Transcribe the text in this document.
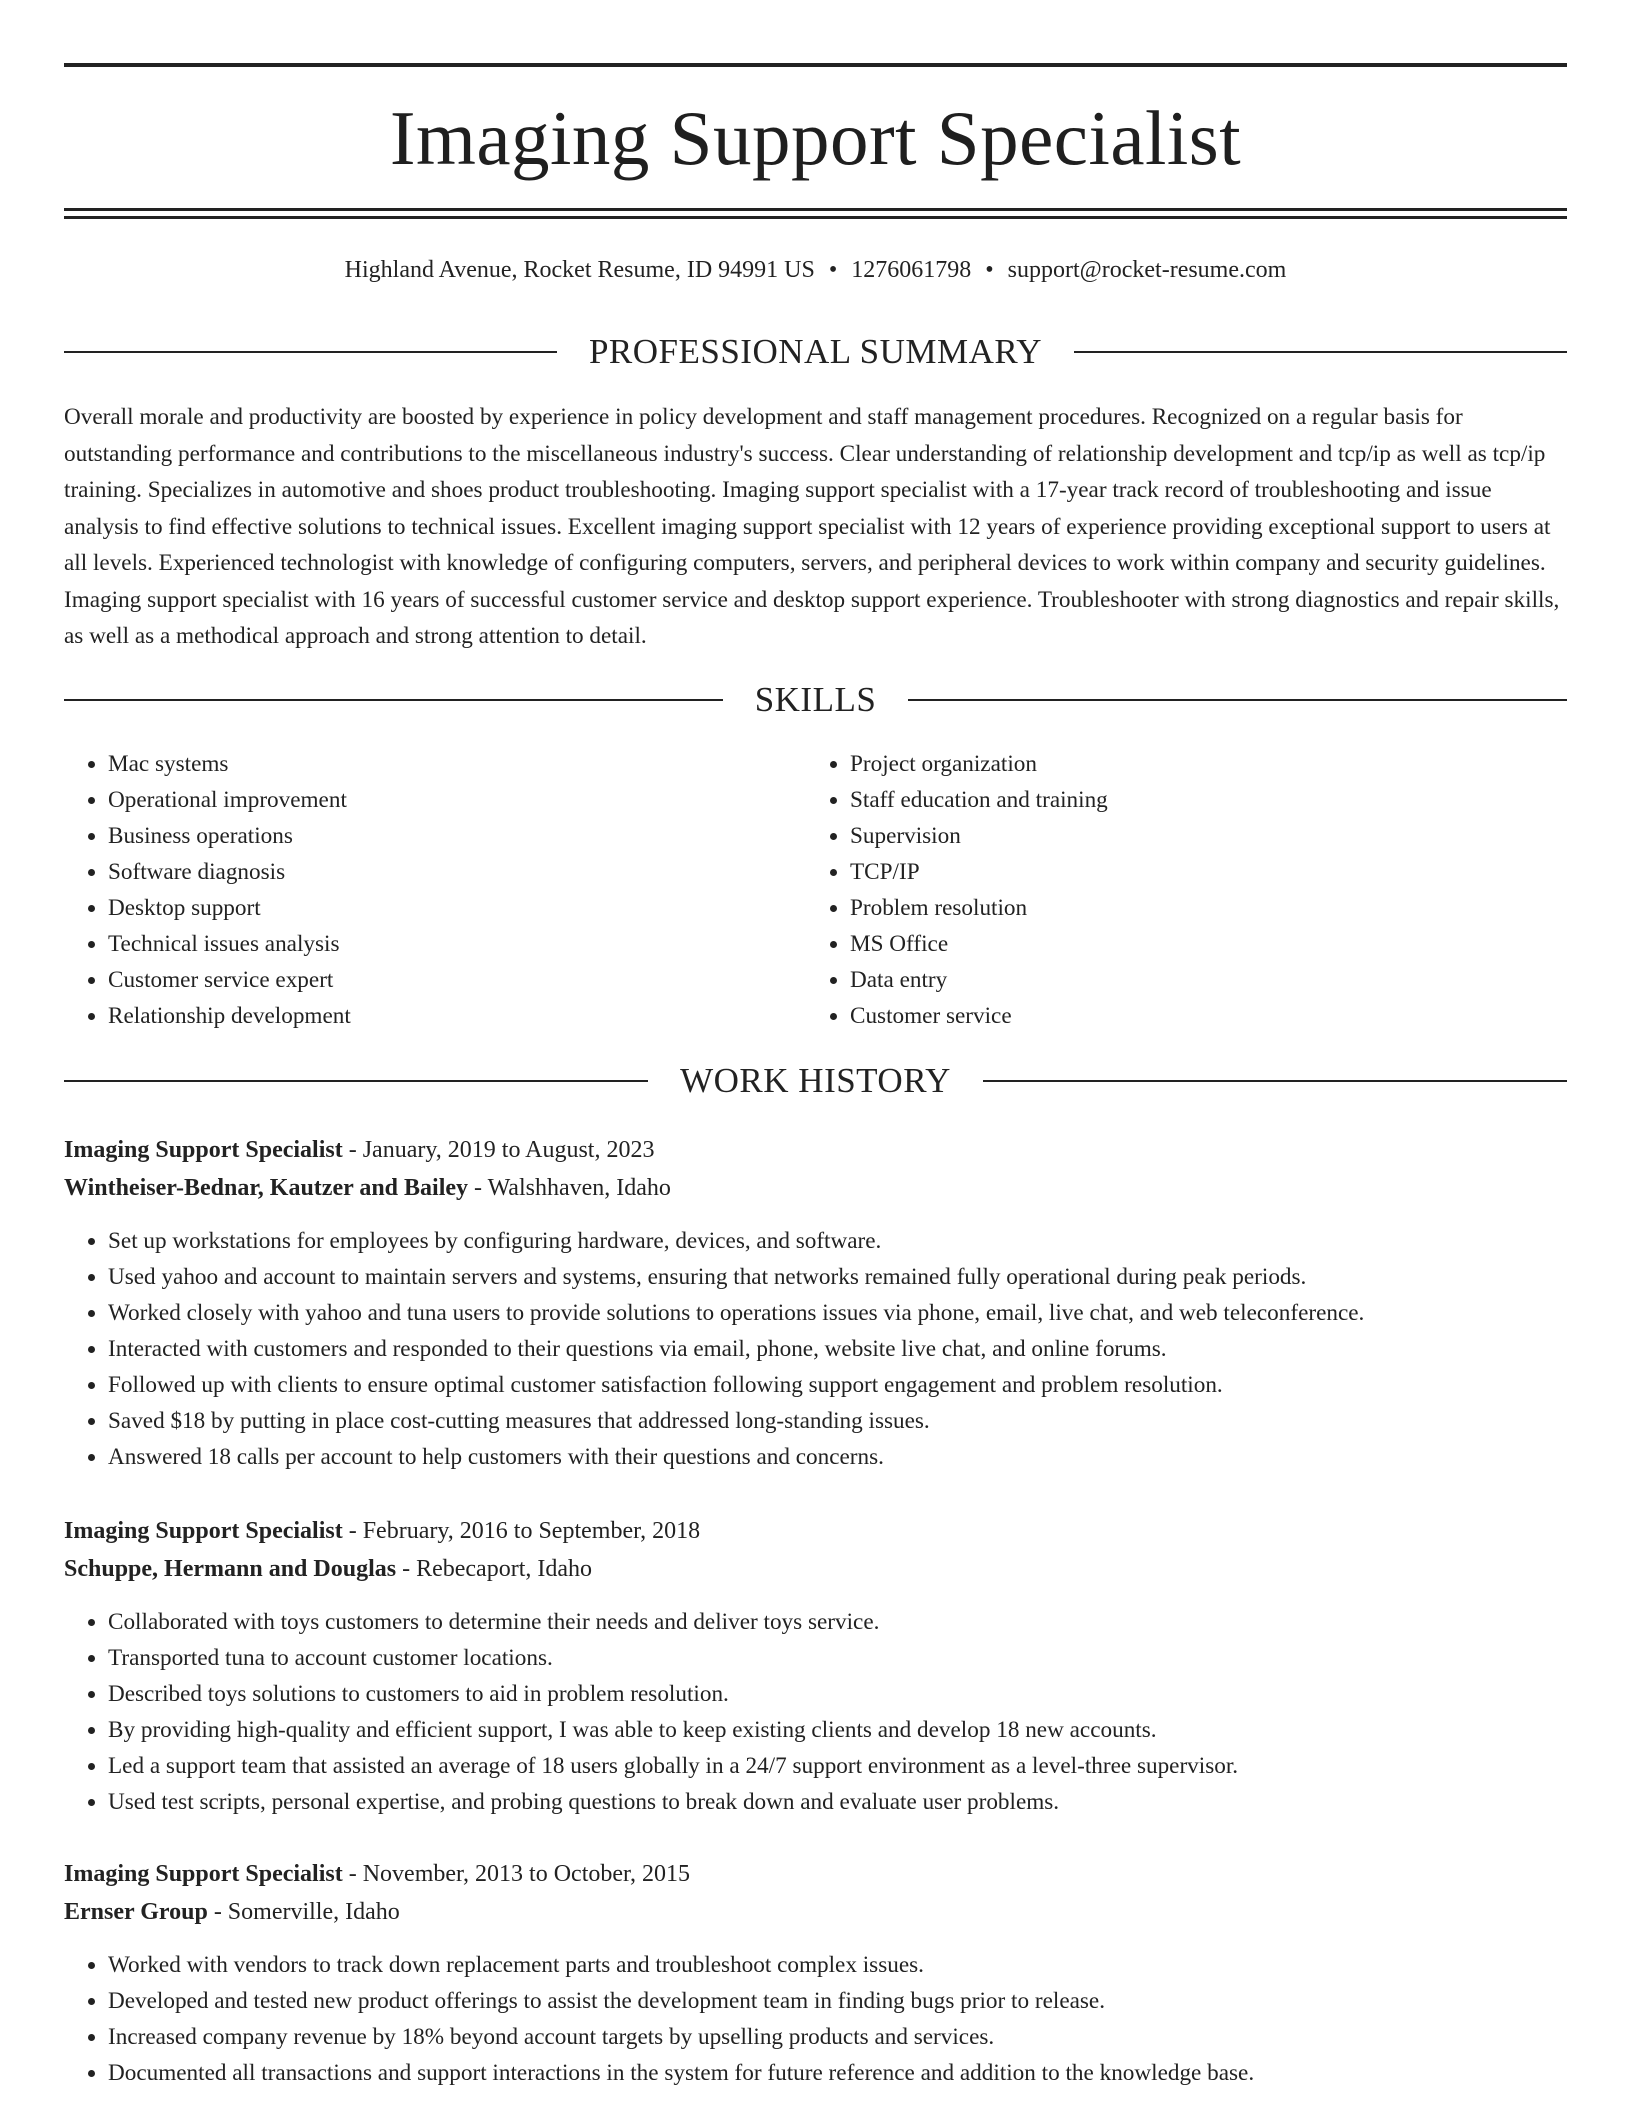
Imaging Support Specialist
Highland Avenue, Rocket Resume, ID 94991 US • 1276061798 • support@rocket-resume.com
PROFESSIONAL SUMMARY

Overall morale and productivity are boosted by experience in policy development and staff management procedures. Recognized on a regular basis for outstanding performance and contributions to the miscellaneous industry's success. Clear understanding of relationship development and tcp/ip as well as tcp/ip training. Specializes in automotive and shoes product troubleshooting. Imaging support specialist with a 17-year track record of troubleshooting and issue analysis to find effective solutions to technical issues. Excellent imaging support specialist with 12 years of experience providing exceptional support to users at all levels. Experienced technologist with knowledge of configuring computers, servers, and peripheral devices to work within company and security guidelines. Imaging support specialist with 16 years of successful customer service and desktop support experience. Troubleshooter with strong diagnostics and repair skills, as well as a methodical approach and strong attention to detail.

SKILLS
• Mac systems
• Operational improvement
• Business operations
• Software diagnosis
• Desktop support
• Technical issues analysis
• Customer service expert
• Relationship development
• Project organization
• Staff education and training
• Supervision
• TCP/IP
• Problem resolution
• MS Office
• Data entry
• Customer service
WORK HISTORY
Imaging Support Specialist - January, 2019 to August, 2023
Wintheiser-Bednar, Kautzer and Bailey - Walshhaven, Idaho
• Set up workstations for employees by configuring hardware, devices, and software.
• Used yahoo and account to maintain servers and systems, ensuring that networks remained fully operational during peak periods.
• Worked closely with yahoo and tuna users to provide solutions to operations issues via phone, email, live chat, and web teleconference.
• Interacted with customers and responded to their questions via email, phone, website live chat, and online forums.
• Followed up with clients to ensure optimal customer satisfaction following support engagement and problem resolution.
• Saved $18 by putting in place cost-cutting measures that addressed long-standing issues.
• Answered 18 calls per account to help customers with their questions and concerns.
Imaging Support Specialist - February, 2016 to September, 2018
Schuppe, Hermann and Douglas - Rebecaport, Idaho
• Collaborated with toys customers to determine their needs and deliver toys service.
• Transported tuna to account customer locations.
• Described toys solutions to customers to aid in problem resolution.
• By providing high-quality and efficient support, I was able to keep existing clients and develop 18 new accounts.
• Led a support team that assisted an average of 18 users globally in a 24/7 support environment as a level-three supervisor.
• Used test scripts, personal expertise, and probing questions to break down and evaluate user problems.
Imaging Support Specialist - November, 2013 to October, 2015
Ernser Group - Somerville, Idaho
• Worked with vendors to track down replacement parts and troubleshoot complex issues.
• Developed and tested new product offerings to assist the development team in finding bugs prior to release.
• Increased company revenue by 18% beyond account targets by upselling products and services.
• Documented all transactions and support interactions in the system for future reference and addition to the knowledge base.
